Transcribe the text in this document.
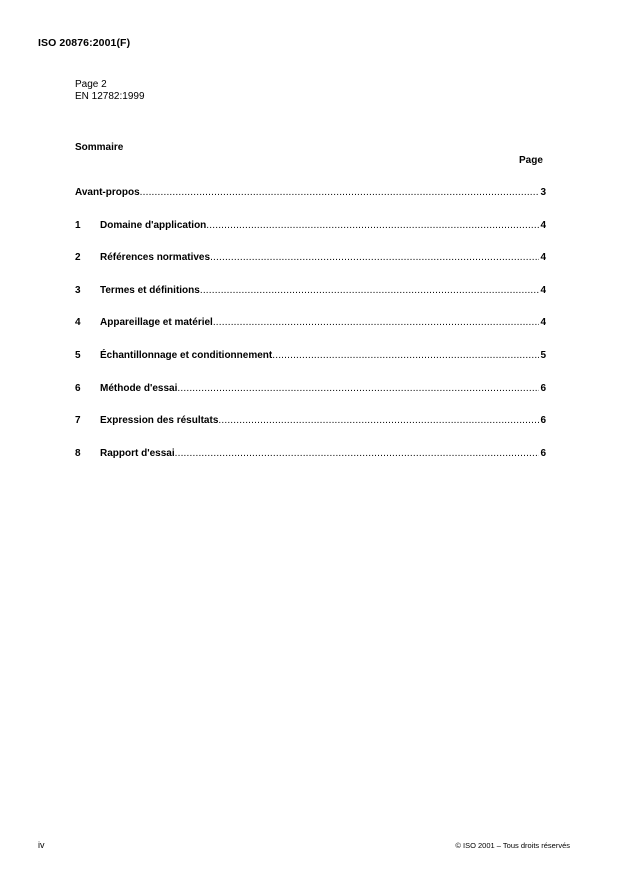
ISO 20876:2001(F)
Page 2
EN 12782:1999
Sommaire
Page
Avant-propos .....	3
1	Domaine d'application .....	4
2	Références normatives .....	4
3	Termes et définitions .....	4
4	Appareillage et matériel .....	4
5	Échantillonnage et conditionnement .....	5
6	Méthode d'essai .....	6
7	Expression des résultats .....	6
8	Rapport d'essai .....	6
iv	© ISO 2001 – Tous droits réservés
